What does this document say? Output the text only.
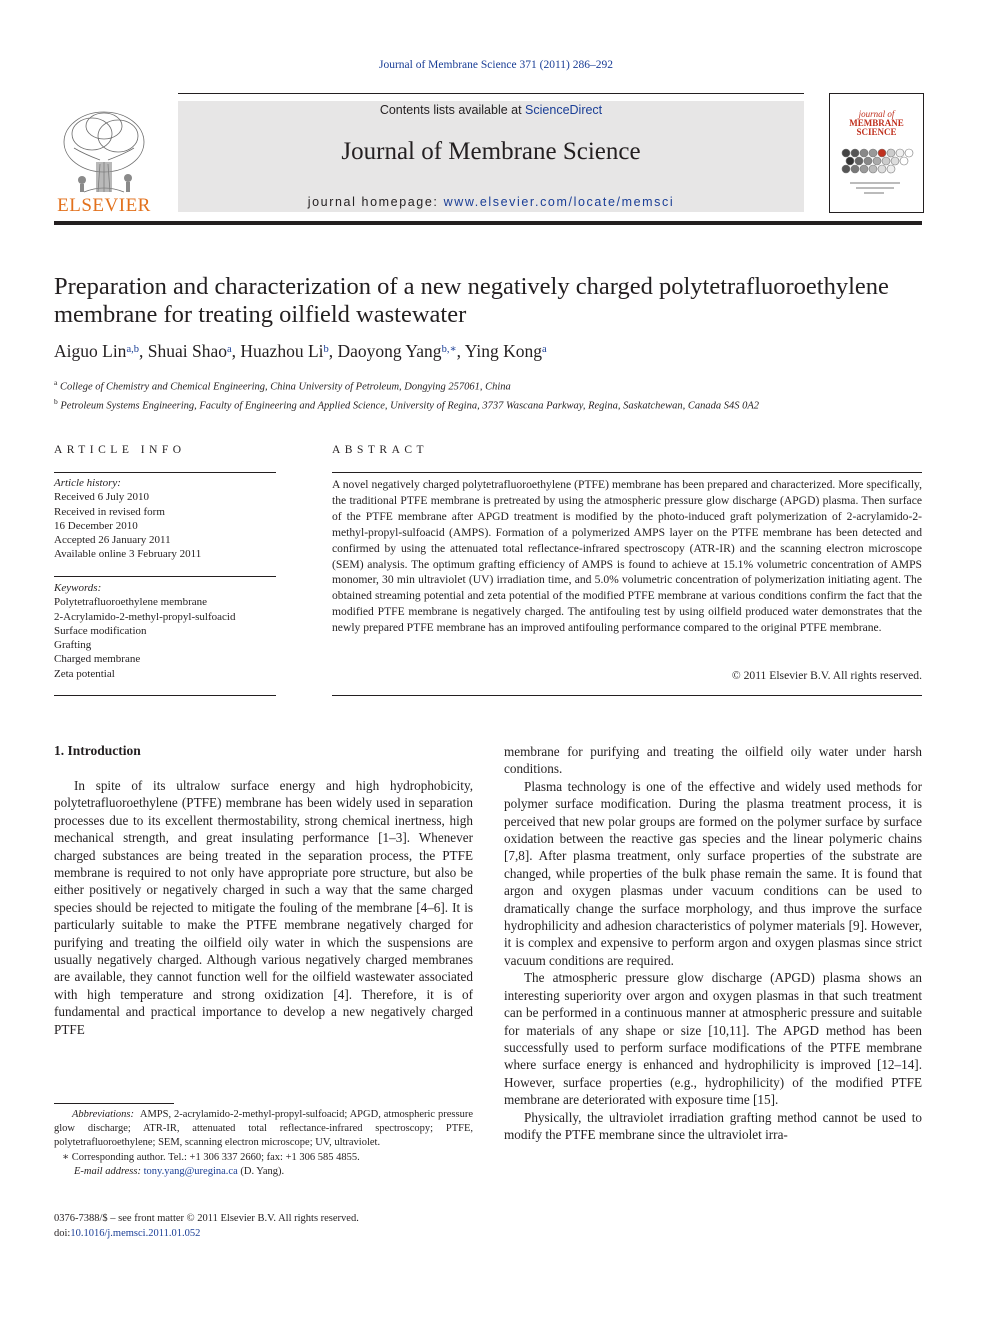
Journal of Membrane Science 371 (2011) 286–292
ELSEVIER
Contents lists available at ScienceDirect
Journal of Membrane Science
journal homepage: www.elsevier.com/locate/memsci
journal of
MEMBRANE
SCIENCE
Preparation and characterization of a new negatively charged polytetrafluoroethylene membrane for treating oilfield wastewater
Aiguo Lin$^{a,b}$, Shuai Shao$^a$, Huazhou Li$^b$, Daoyong Yang$^{b,∗}$, Ying Kong$^a$
$^a$ College of Chemistry and Chemical Engineering, China University of Petroleum, Dongying 257061, China
$^b$ Petroleum Systems Engineering, Faculty of Engineering and Applied Science, University of Regina, 3737 Wascana Parkway, Regina, Saskatchewan, Canada S4S 0A2
ARTICLE INFO
Article history:
Received 6 July 2010
Received in revised form
16 December 2010
Accepted 26 January 2011
Available online 3 February 2011
Keywords:
Polytetrafluoroethylene membrane
2-Acrylamido-2-methyl-propyl-sulfoacid
Surface modification
Grafting
Charged membrane
Zeta potential
ABSTRACT
A novel negatively charged polytetrafluoroethylene (PTFE) membrane has been prepared and characterized. More specifically, the traditional PTFE membrane is pretreated by using the atmospheric pressure glow discharge (APGD) plasma. Then surface of the PTFE membrane after APGD treatment is modified by the photo-induced graft polymerization of 2-acrylamido-2-methyl-propyl-sulfoacid (AMPS). Formation of a polymerized AMPS layer on the PTFE membrane has been detected and confirmed by using the attenuated total reflectance-infrared spectroscopy (ATR-IR) and the scanning electron microscope (SEM) analysis. The optimum grafting efficiency of AMPS is found to achieve at 15.1% volumetric concentration of AMPS monomer, 30 min ultraviolet (UV) irradiation time, and 5.0% volumetric concentration of polymerization initiating agent. The obtained streaming potential and zeta potential of the modified PTFE membrane at various conditions confirm the fact that the modified PTFE membrane is negatively charged. The antifouling test by using oilfield produced water demonstrates that the newly prepared PTFE membrane has an improved antifouling performance compared to the original PTFE membrane.
© 2011 Elsevier B.V. All rights reserved.
1. Introduction

In spite of its ultralow surface energy and high hydrophobicity, polytetrafluoroethylene (PTFE) membrane has been widely used in separation processes due to its excellent thermostability, strong chemical inertness, high mechanical strength, and great insulating performance [1–3]. Whenever charged substances are being treated in the separation process, the PTFE membrane is required to not only have appropriate pore structure, but also be either positively or negatively charged in such a way that the same charged species should be rejected to mitigate the fouling of the membrane [4–6]. It is particularly suitable to make the PTFE membrane negatively charged for purifying and treating the oilfield oily water in which the suspensions are usually negatively charged. Although various negatively charged membranes are available, they cannot function well for the oilfield wastewater associated with high temperature and strong oxidization [4]. Therefore, it is of fundamental and practical importance to develop a new negatively charged PTFE

membrane for purifying and treating the oilfield oily water under harsh conditions.

Plasma technology is one of the effective and widely used methods for polymer surface modification. During the plasma treatment process, it is perceived that new polar groups are formed on the polymer surface by surface oxidation between the reactive gas species and the linear polymeric chains [7,8]. After plasma treatment, only surface properties of the substrate are changed, while properties of the bulk phase remain the same. It is found that argon and oxygen plasmas under vacuum conditions can be used to dramatically change the surface morphology, and thus improve the surface hydrophilicity and adhesion characteristics of polymer materials [9]. However, it is complex and expensive to perform argon and oxygen plasmas since strict vacuum conditions are required.

The atmospheric pressure glow discharge (APGD) plasma shows an interesting superiority over argon and oxygen plasmas in that such treatment can be performed in a continuous manner at atmospheric pressure and suitable for materials of any shape or size [10,11]. The APGD method has been successfully used to perform surface modifications of the PTFE membrane where surface energy is enhanced and hydrophilicity is improved [12–14]. However, surface properties (e.g., hydrophilicity) of the modified PTFE membrane are deteriorated with exposure time [15].

Physically, the ultraviolet irradiation grafting method cannot be used to modify the PTFE membrane since the ultraviolet irra-

Abbreviations: AMPS, 2-acrylamido-2-methyl-propyl-sulfoacid; APGD, atmospheric pressure glow discharge; ATR-IR, attenuated total reflectance-infrared spectroscopy; PTFE, polytetrafluoroethylene; SEM, scanning electron microscope; UV, ultraviolet.

∗ Corresponding author. Tel.: +1 306 337 2660; fax: +1 306 585 4855.

E-mail address: tony.yang@uregina.ca (D. Yang).

0376-7388/$ – see front matter © 2011 Elsevier B.V. All rights reserved.
doi:10.1016/j.memsci.2011.01.052
